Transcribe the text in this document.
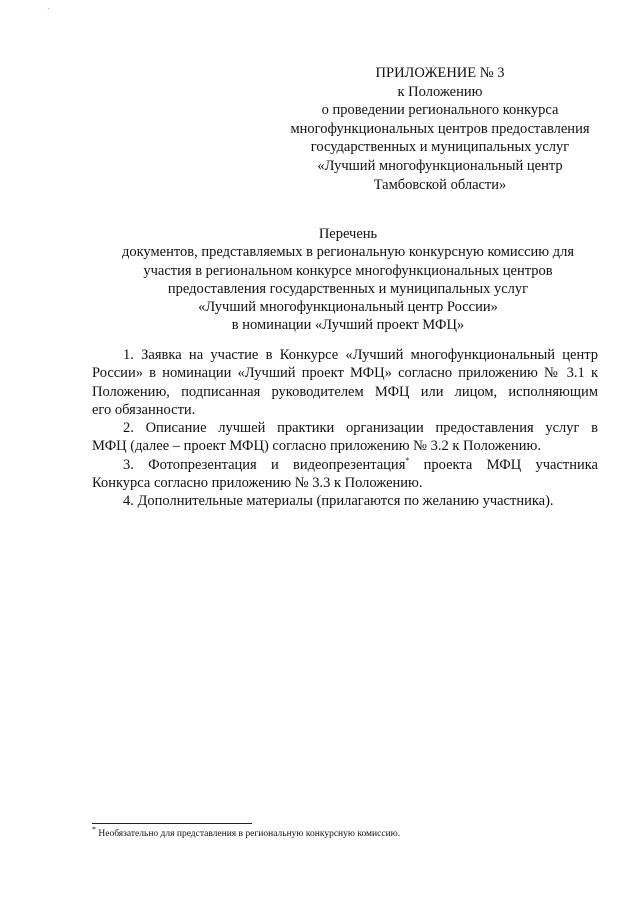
´
ПРИЛОЖЕНИЕ № 3
к Положению
о проведении регионального конкурса
многофункциональных центров предоставления
государственных и муниципальных услуг
«Лучший многофункциональный центр
Тамбовской области»
Перечень
документов, представляемых в региональную конкурсную комиссию для
участия в региональном конкурсе многофункциональных центров
предоставления государственных и муниципальных услуг
«Лучший многофункциональный центр России»
в номинации «Лучший проект МФЦ»
1. Заявка на участие в Конкурсе «Лучший многофункциональный центр
России» в номинации «Лучший проект МФЦ» согласно приложению № 3.1 к
Положению, подписанная руководителем МФЦ или лицом, исполняющим
его обязанности.
2. Описание лучшей практики организации предоставления услуг в
МФЦ (далее – проект МФЦ) согласно приложению № 3.2 к Положению.
3. Фотопрезентация и видеопрезентация* проекта МФЦ участника
Конкурса согласно приложению № 3.3 к Положению.
4. Дополнительные материалы (прилагаются по желанию участника).
* Необязательно для представления в региональную конкурсную комиссию.
